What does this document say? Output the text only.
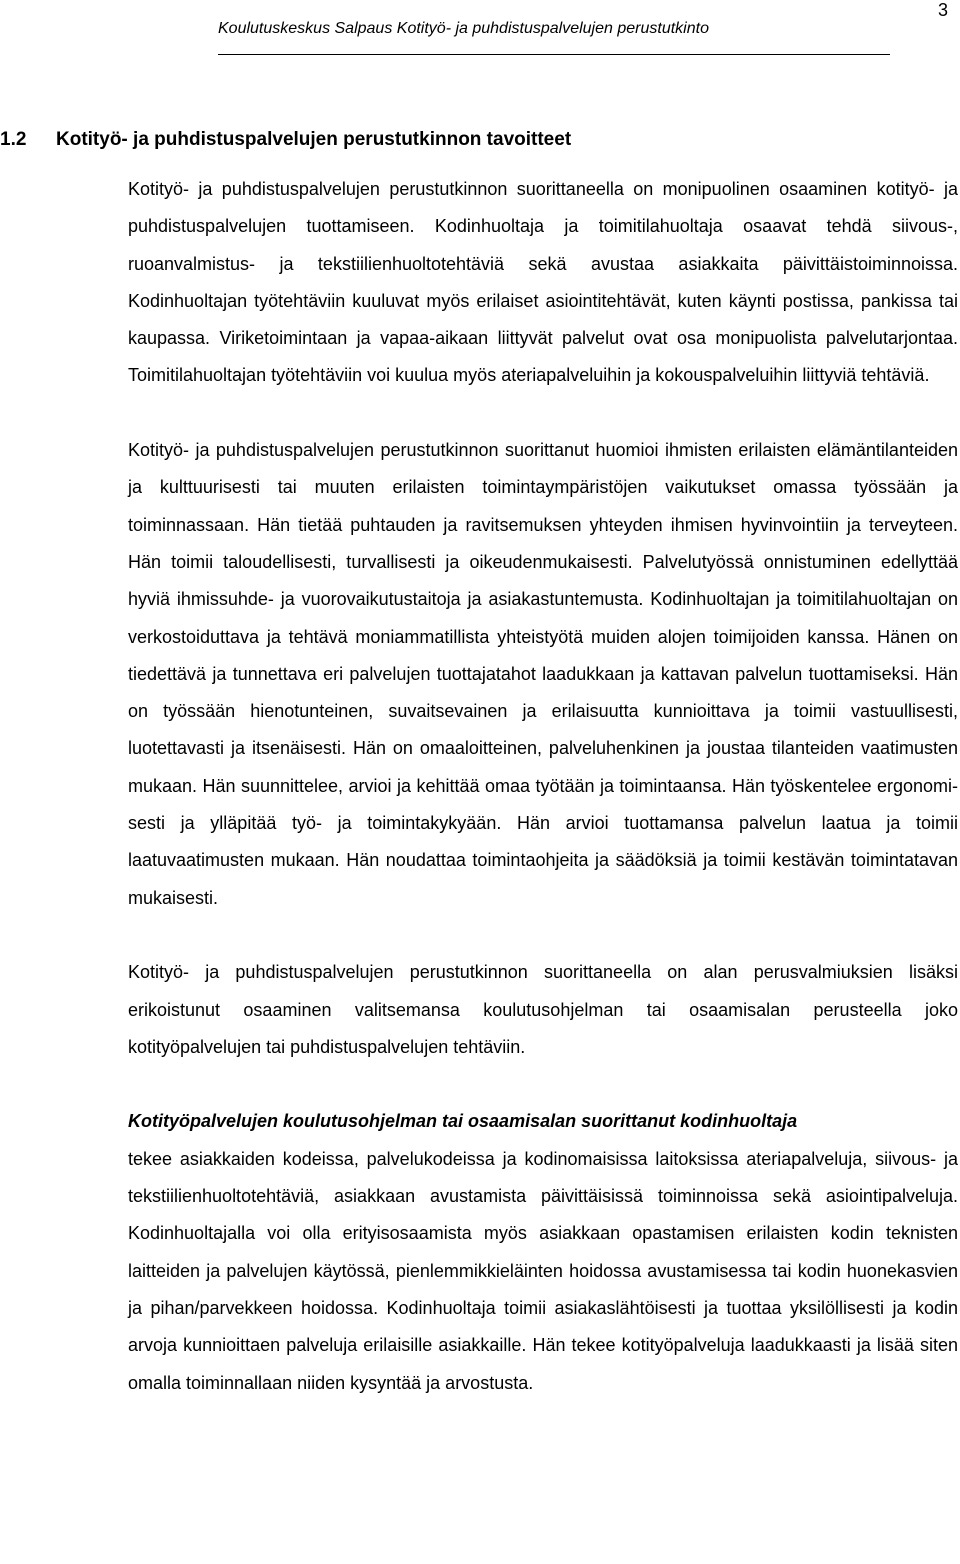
3
Koulutuskeskus Salpaus Kotityö- ja puhdistuspalvelujen perustutkinto
1.2 Kotityö- ja puhdistuspalvelujen perustutkinnon tavoitteet

Kotityö- ja puhdistuspalvelujen perustutkinnon suorittaneella on monipuolinen osaaminen kotityö- ja puhdistuspalvelujen tuottamiseen. Kodinhuoltaja ja toimitilahuoltaja osaavat tehdä siivous-, ruoanvalmistus- ja tekstiilienhuoltotehtäviä sekä avustaa asiakkaita päivittäistoiminnoissa. Kodinhuoltajan työtehtäviin kuuluvat myös erilaiset asiointitehtävät, kuten käynti postissa, pankissa tai kaupassa. Viriketoimintaan ja vapaa-aikaan liittyvät palvelut ovat osa monipuolista palvelutarjontaa. Toimitilahuoltajan työtehtäviin voi kuulua myös ateriapalveluihin ja kokouspalveluihin liittyviä tehtäviä.

Kotityö- ja puhdistuspalvelujen perustutkinnon suorittanut huomioi ihmisten erilaisten elämäntilanteiden ja kulttuurisesti tai muuten erilaisten toimintaympäristöjen vaikutukset omassa työssään ja toiminnassaan. Hän tietää puhtauden ja ravitsemuksen yhteyden ihmisen hyvinvointiin ja terveyteen. Hän toimii taloudellisesti, turvallisesti ja oikeudenmukaisesti. Palvelutyössä onnistuminen edellyttää hyviä ihmissuhde- ja vuorovaikutustaitoja ja asiakastuntemusta. Kodinhuoltajan ja toimitilahuoltajan on verkostoiduttava ja tehtävä moniammatillista yhteistyötä muiden alojen toimijoiden kanssa. Hänen on tiedettävä ja tunnettava eri palvelujen tuottajatahot laadukkaan ja kattavan palvelun tuottamiseksi. Hän on työssään hienotunteinen, suvaitsevainen ja erilaisuutta kunnioittava ja toimii vastuullisesti, luotettavasti ja itsenäisesti. Hän on omaaloitteinen, palveluhenkinen ja joustaa tilanteiden vaatimusten mukaan. Hän suunnittelee, arvioi ja kehittää omaa työtään ja toimintaansa. Hän työskentelee ergonomisesti ja ylläpitää työ- ja toimintakykyään. Hän arvioi tuottamansa palvelun laatua ja toimii laatuvaatimusten mukaan. Hän noudattaa toimintaohjeita ja säädöksiä ja toimii kestävän toimintatavan mukaisesti.

Kotityö- ja puhdistuspalvelujen perustutkinnon suorittaneella on alan perusvalmiuksien lisäksi erikoistunut osaaminen valitsemansa koulutusohjelman tai osaamisalan perusteella joko kotityöpalvelujen tai puhdistuspalvelujen tehtäviin.

Kotityöpalvelujen koulutusohjelman tai osaamisalan suorittanut kodinhuoltaja
tekee asiakkaiden kodeissa, palvelukodeissa ja kodinomaisissa laitoksissa ateriapalveluja, siivous- ja tekstiilienhuoltotehtäviä, asiakkaan avustamista päivittäisissä toiminnoissa sekä asiointipalveluja. Kodinhuoltajalla voi olla erityisosaamista myös asiakkaan opastamisen erilaisten kodin teknisten laitteiden ja palvelujen käytössä, pienlemmikkieläinten hoidossa avustamisessa tai kodin huonekasvien ja pihan/parvekkeen hoidossa. Kodinhuoltaja toimii asiakaslähtöisesti ja tuottaa yksilöllisesti ja kodin arvoja kunnioittaen palveluja erilaisille asiakkaille. Hän tekee kotityöpalveluja laadukkaasti ja lisää siten omalla toiminnallaan niiden kysyntää ja arvostusta.
